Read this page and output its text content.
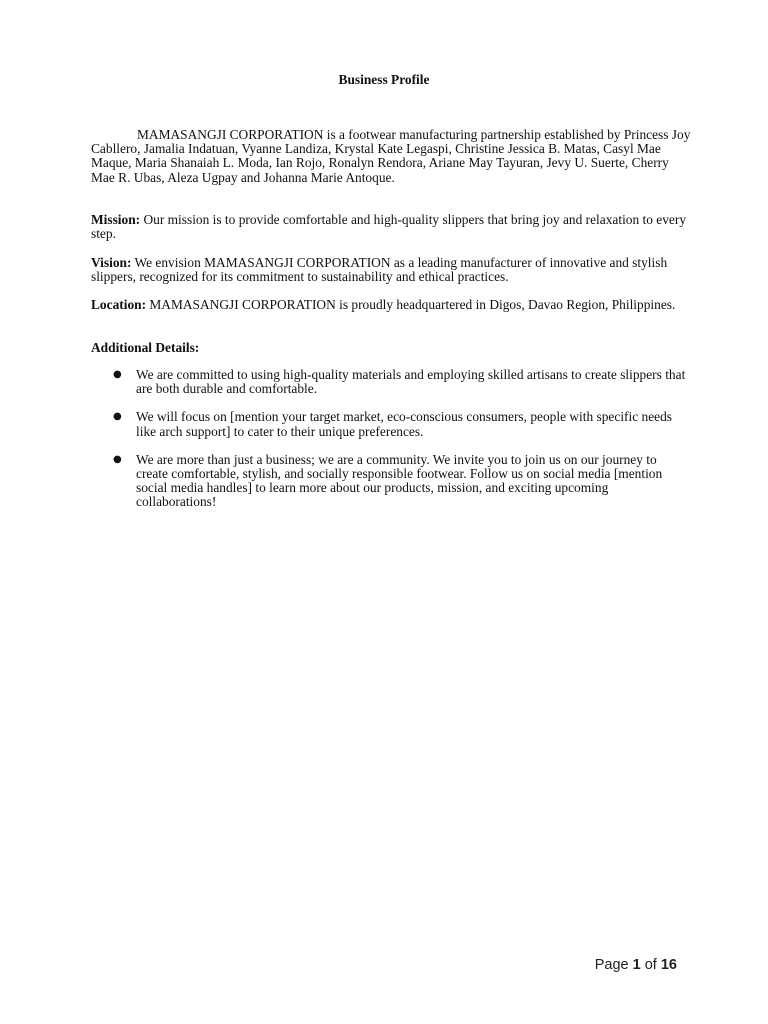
Business Profile

MAMASANGJI CORPORATION is a footwear manufacturing partnership established by Princess Joy Cabllero, Jamalia Indatuan, Vyanne Landiza, Krystal Kate Legaspi, Christine Jessica B. Matas, Casyl Mae Maque, Maria Shanaiah L. Moda, Ian Rojo, Ronalyn Rendora, Ariane May Tayuran, Jevy U. Suerte, Cherry Mae R. Ubas, Aleza Ugpay and Johanna Marie Antoque.

Mission: Our mission is to provide comfortable and high-quality slippers that bring joy and relaxation to every step.

Vision: We envision MAMASANGJI CORPORATION as a leading manufacturer of innovative and stylish slippers, recognized for its commitment to sustainability and ethical practices.

Location: MAMASANGJI CORPORATION is proudly headquartered in Digos, Davao Region, Philippines.

Additional Details:

● We are committed to using high-quality materials and employing skilled artisans to create slippers that are both durable and comfortable.
● We will focus on [mention your target market, eco-conscious consumers, people with specific needs like arch support] to cater to their unique preferences.
● We are more than just a business; we are a community. We invite you to join us on our journey to create comfortable, stylish, and socially responsible footwear. Follow us on social media [mention social media handles] to learn more about our products, mission, and exciting upcoming collaborations!
Page 1 of 16
